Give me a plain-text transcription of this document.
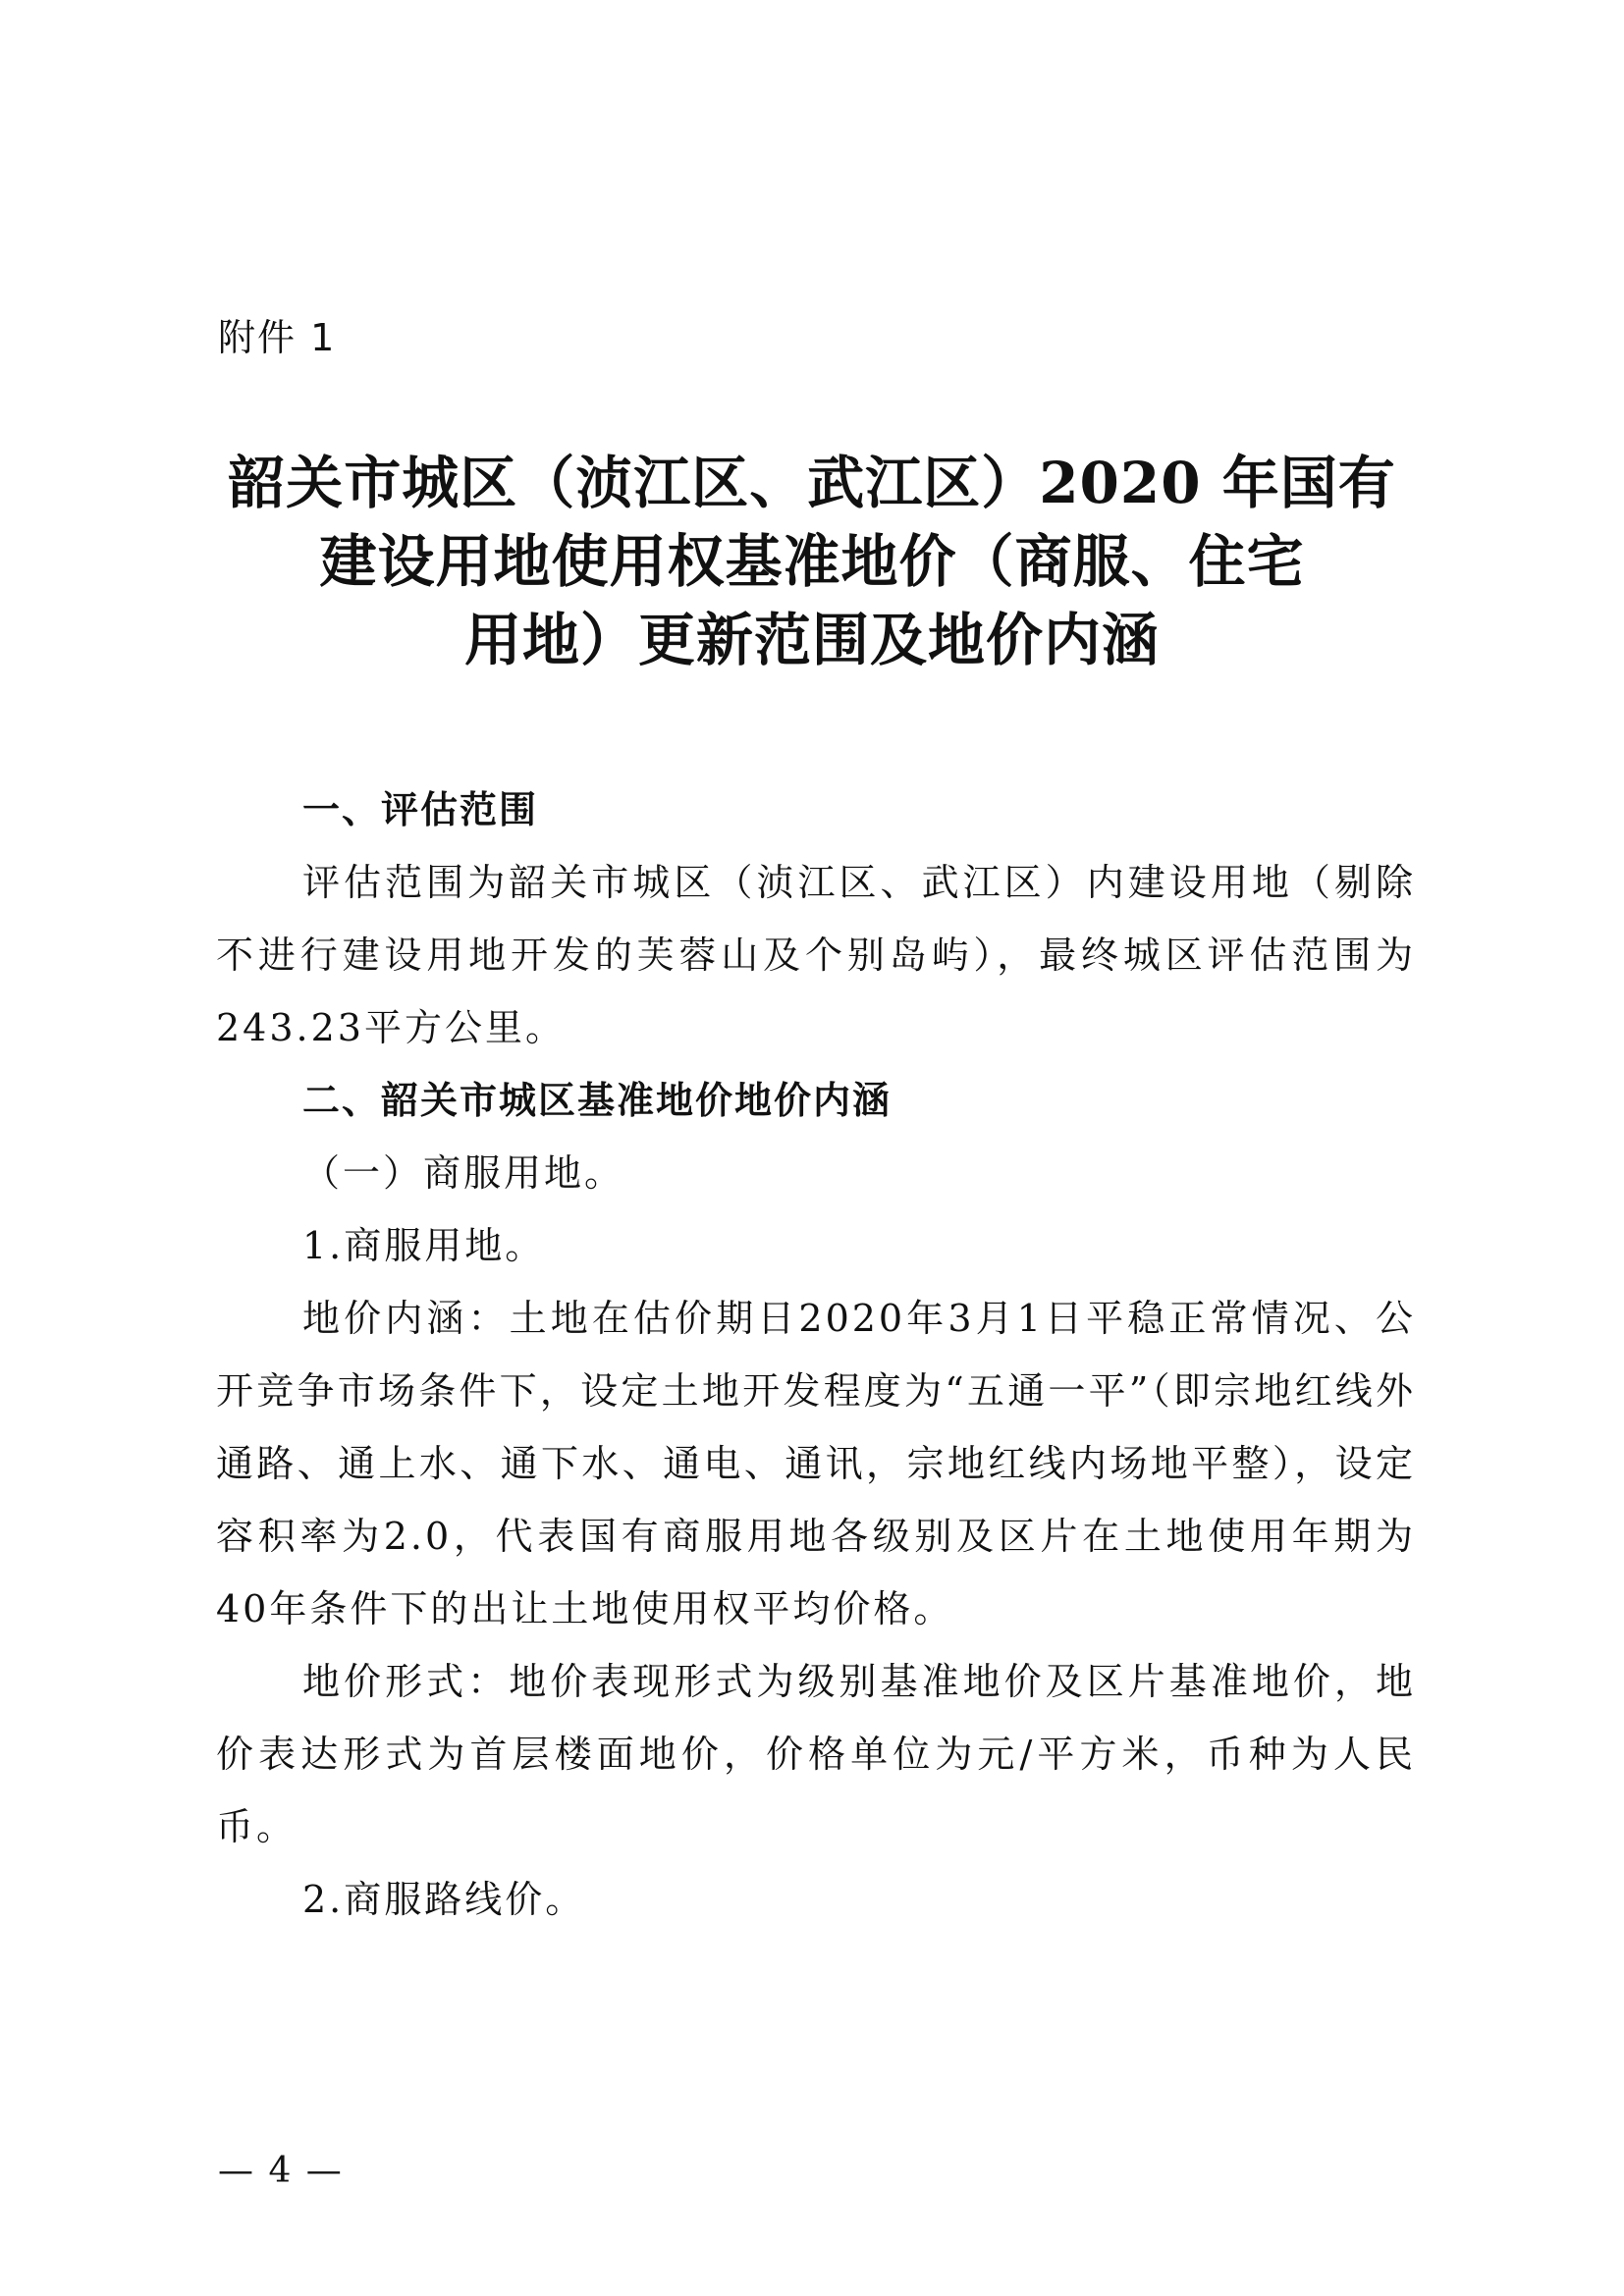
附件 1
韶关市城区（浈江区、武江区）2020 年国有
建设用地使用权基准地价（商服、住宅
用地）更新范围及地价内涵

一、评估范围

评估范围为韶关市城区（浈江区、武江区）内建设用地（剔除不进行建设用地开发的芙蓉山及个别岛屿），最终城区评估范围为243.23平方公里。

二、韶关市城区基准地价地价内涵

（一）商服用地。

1.商服用地。

地价内涵：土地在估价期日2020年3月1日平稳正常情况、公开竞争市场条件下，设定土地开发程度为“五通一平”（即宗地红线外通路、通上水、通下水、通电、通讯，宗地红线内场地平整），设定容积率为2.0，代表国有商服用地各级别及区片在土地使用年期为40年条件下的出让土地使用权平均价格。

地价形式：地价表现形式为级别基准地价及区片基准地价，地价表达形式为首层楼面地价，价格单位为元/平方米，币种为人民币。

2.商服路线价。

— 4 —
